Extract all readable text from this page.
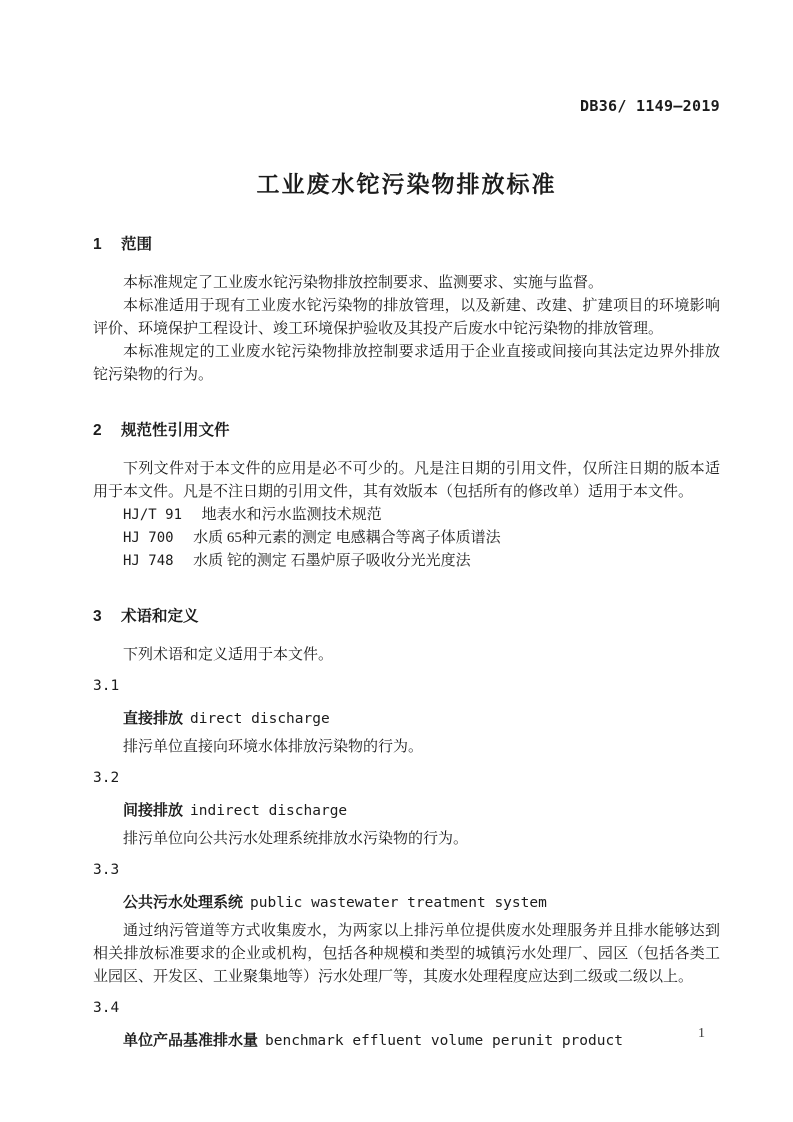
DB36/ 1149—2019
工业废水铊污染物排放标准
1 范围

本标准规定了工业废水铊污染物排放控制要求、监测要求、实施与监督。

本标准适用于现有工业废水铊污染物的排放管理，以及新建、改建、扩建项目的环境影响评价、环境保护工程设计、竣工环境保护验收及其投产后废水中铊污染物的排放管理。

本标准规定的工业废水铊污染物排放控制要求适用于企业直接或间接向其法定边界外排放铊污染物的行为。

2 规范性引用文件

下列文件对于本文件的应用是必不可少的。凡是注日期的引用文件，仅所注日期的版本适用于本文件。凡是不注日期的引用文件，其有效版本（包括所有的修改单）适用于本文件。

HJ/T 91 地表水和污水监测技术规范

HJ 700 水质 65种元素的测定 电感耦合等离子体质谱法

HJ 748 水质 铊的测定 石墨炉原子吸收分光光度法

3 术语和定义

下列术语和定义适用于本文件。

3.1

直接排放 direct discharge

排污单位直接向环境水体排放污染物的行为。

3.2

间接排放 indirect discharge

排污单位向公共污水处理系统排放水污染物的行为。

3.3

公共污水处理系统 public wastewater treatment system

通过纳污管道等方式收集废水，为两家以上排污单位提供废水处理服务并且排水能够达到相关排放标准要求的企业或机构，包括各种规模和类型的城镇污水处理厂、园区（包括各类工业园区、开发区、工业聚集地等）污水处理厂等，其废水处理程度应达到二级或二级以上。

3.4

单位产品基准排水量 benchmark effluent volume perunit product	1
